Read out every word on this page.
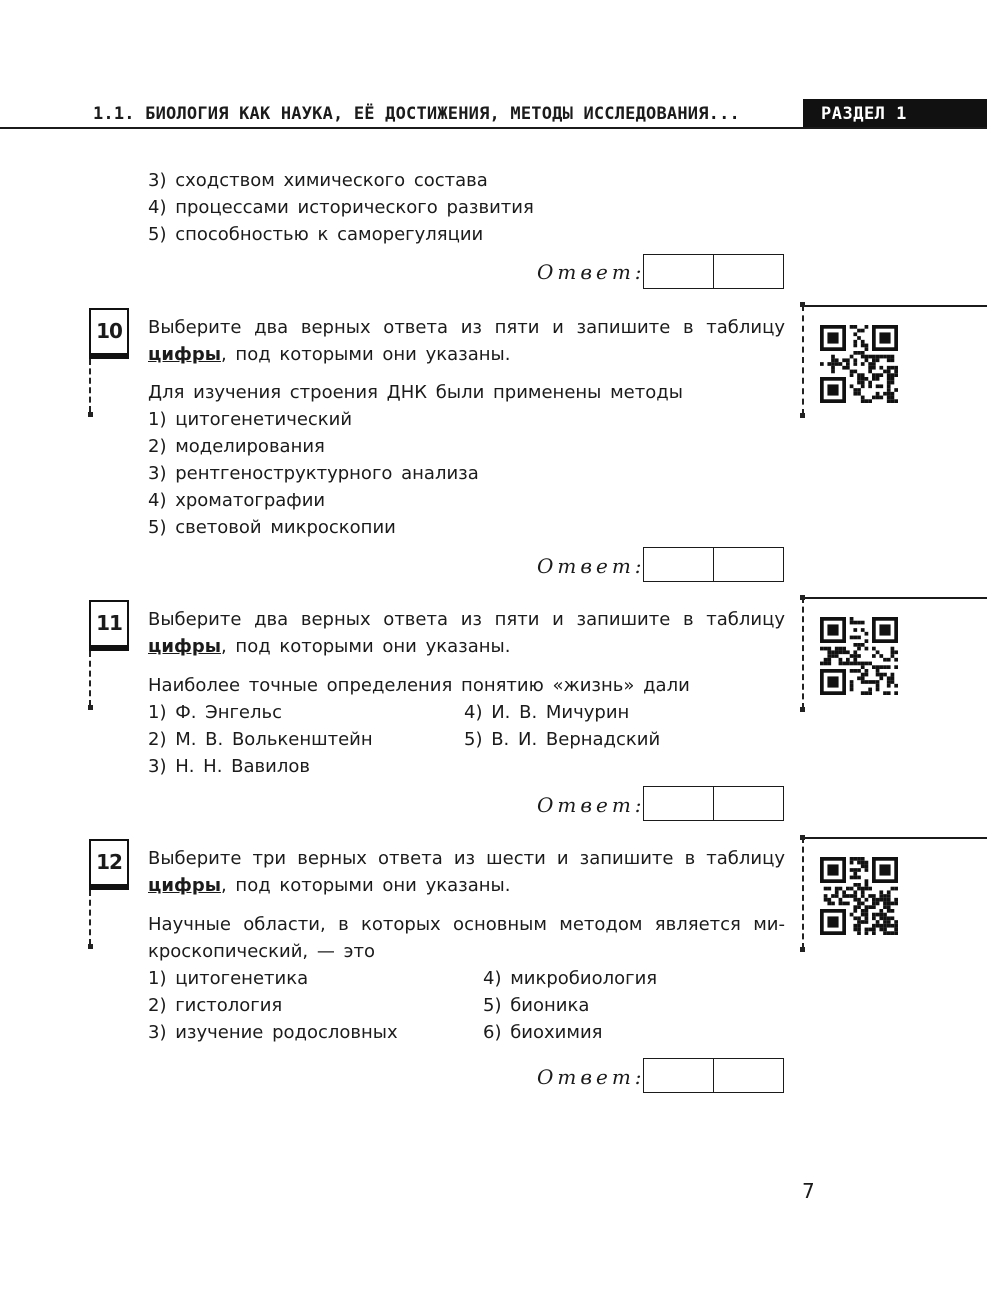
1.1. БИОЛОГИЯ КАК НАУКА, ЕЁ ДОСТИЖЕНИЯ, МЕТОДЫ ИССЛЕДОВАНИЯ...	РАЗДЕЛ 1
3) сходством химического состава
4) процессами исторического развития
5) способностью к саморегуляции
Ответ:
10	Выберите два верных ответа из пяти и запишите в таблицу
цифры, под которыми они указаны.
Для изучения строения ДНК были применены методы
1) цитогенетический
2) моделирования
3) рентгеноструктурного анализа
4) хроматографии
5) световой микроскопии
Ответ:
11	Выберите два верных ответа из пяти и запишите в таблицу
цифры, под которыми они указаны.
Наиболее точные определения понятию «жизнь» дали
1) Ф. Энгельс
2) М. В. Волькенштейн
3) Н. Н. Вавилов
4) И. В. Мичурин
5) В. И. Вернадский
Ответ:
12	Выберите три верных ответа из шести и запишите в таблицу
цифры, под которыми они указаны.
Научные области, в которых основным методом является ми-
кроскопический, — это
1) цитогенетика
2) гистология
3) изучение родословных
4) микробиология
5) бионика
6) биохимия
Ответ:
7
